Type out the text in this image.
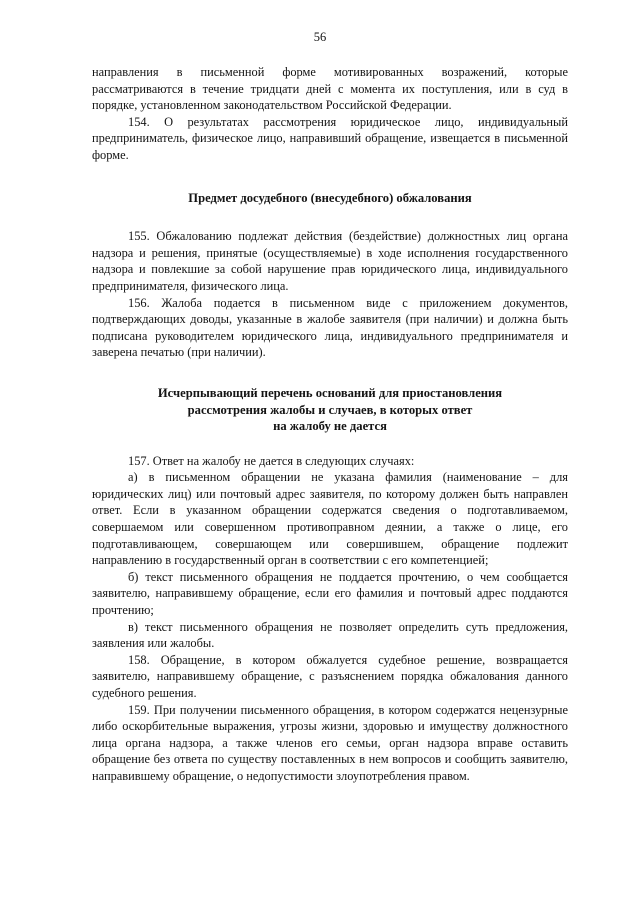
56

направления в письменной форме мотивированных возражений, которые рассматриваются в течение тридцати дней с момента их поступления, или в суд в порядке, установленном законодательством Российской Федерации.

154. О результатах рассмотрения юридическое лицо, индивидуальный предприниматель, физическое лицо, направивший обращение, извещается в письменной форме.

Предмет досудебного (внесудебного) обжалования

155. Обжалованию подлежат действия (бездействие) должностных лиц органа надзора и решения, принятые (осуществляемые) в ходе исполнения государственного надзора и повлекшие за собой нарушение прав юридического лица, индивидуального предпринимателя, физического лица.

156. Жалоба подается в письменном виде с приложением документов, подтверждающих доводы, указанные в жалобе заявителя (при наличии) и должна быть подписана руководителем юридического лица, индивидуального предпринимателя и заверена печатью (при наличии).

Исчерпывающий перечень оснований для приостановления
рассмотрения жалобы и случаев, в которых ответ
на жалобу не дается

157. Ответ на жалобу не дается в следующих случаях:

а) в письменном обращении не указана фамилия (наименование – для юридических лиц) или почтовый адрес заявителя, по которому должен быть направлен ответ. Если в указанном обращении содержатся сведения о подготавливаемом, совершаемом или совершенном противоправном деянии, а также о лице, его подготавливающем, совершающем или совершившем, обращение подлежит направлению в государственный орган в соответствии с его компетенцией;

б) текст письменного обращения не поддается прочтению, о чем сообщается заявителю, направившему обращение, если его фамилия и почтовый адрес поддаются прочтению;

в) текст письменного обращения не позволяет определить суть предложения, заявления или жалобы.

158. Обращение, в котором обжалуется судебное решение, возвращается заявителю, направившему обращение, с разъяснением порядка обжалования данного судебного решения.

159. При получении письменного обращения, в котором содержатся нецензурные либо оскорбительные выражения, угрозы жизни, здоровью и имуществу должностного лица органа надзора, а также членов его семьи, орган надзора вправе оставить обращение без ответа по существу поставленных в нем вопросов и сообщить заявителю, направившему обращение, о недопустимости злоупотребления правом.
